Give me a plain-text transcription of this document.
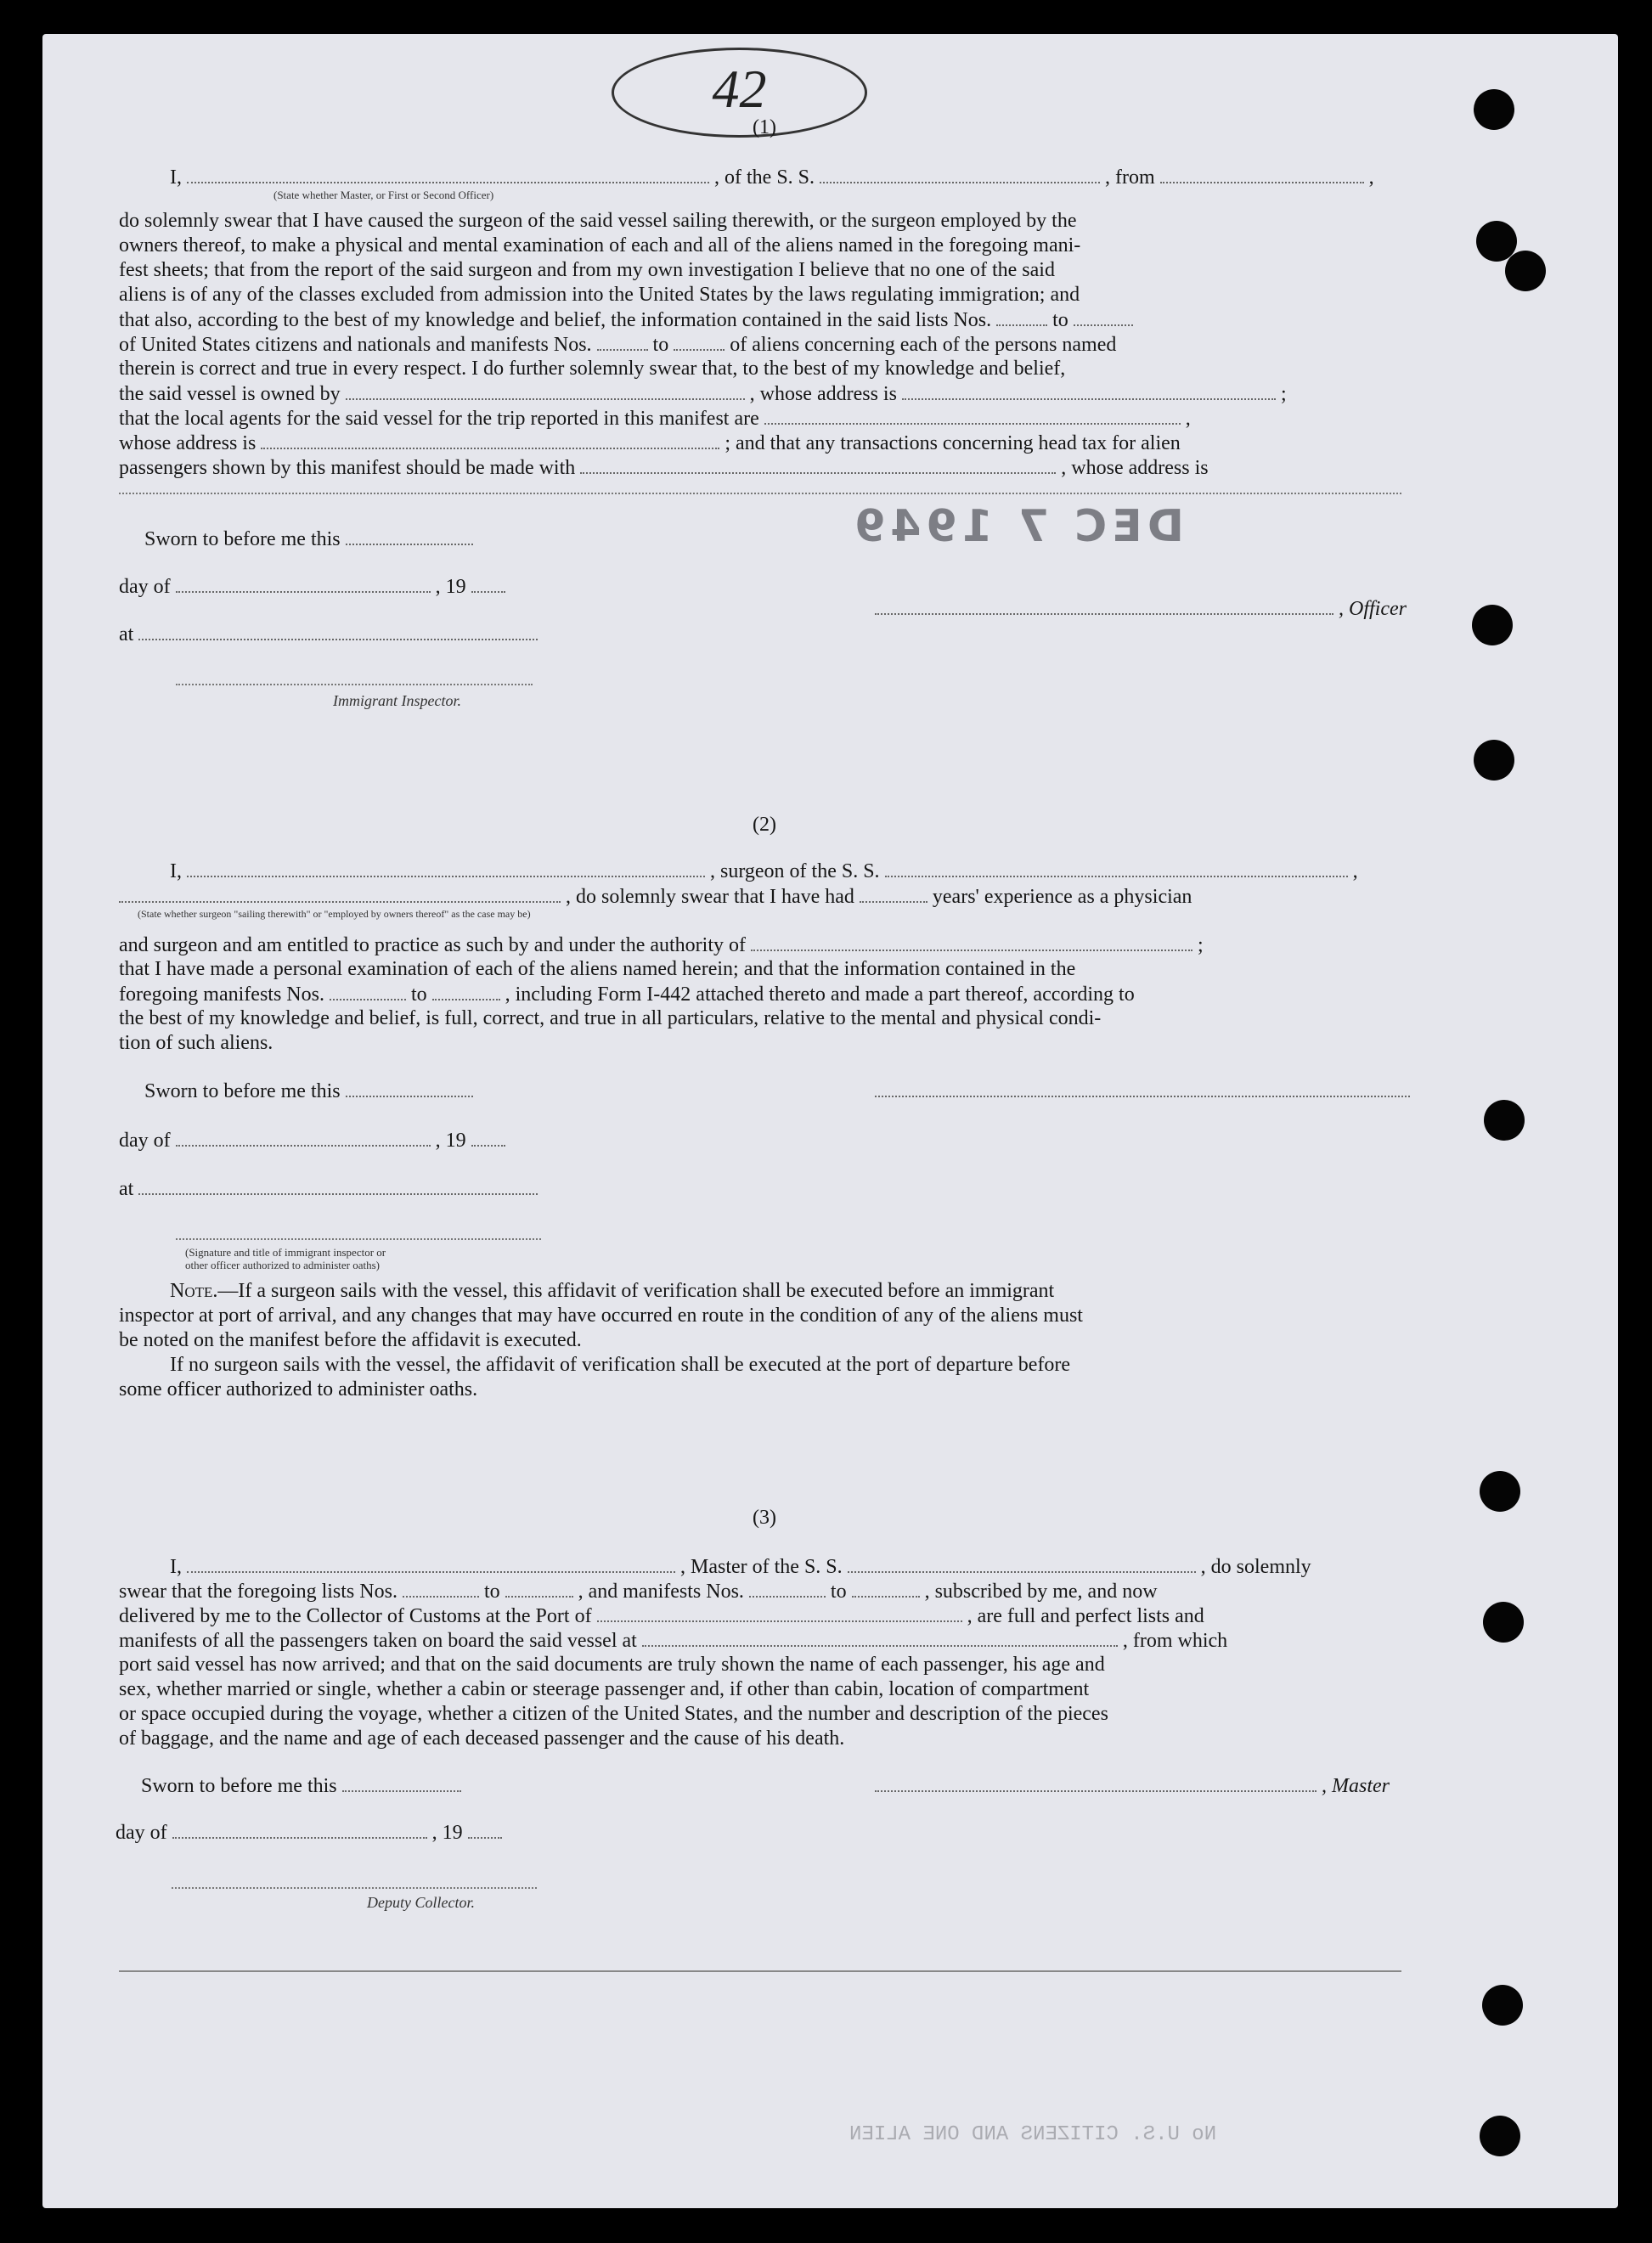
No U.S. CITIZENS AND ONE ALIEN
DEC 7 1949
42
(1)
I,	, of the S. S.	, from	,
(State whether Master, or First or Second Officer)
do solemnly swear that I have caused the surgeon of the said vessel sailing therewith, or the surgeon employed by the
owners thereof, to make a physical and mental examination of each and all of the aliens named in the foregoing mani-
fest sheets; that from the report of the said surgeon and from my own investigation I believe that no one of the said
aliens is of any of the classes excluded from admission into the United States by the laws regulating immigration; and
that also, according to the best of my knowledge and belief, the information contained in the said lists Nos.	to
of United States citizens and nationals and manifests Nos.	to	of aliens concerning each of the persons named
therein is correct and true in every respect. I do further solemnly swear that, to the best of my knowledge and belief,
the said vessel is owned by	, whose address is	;
that the local agents for the said vessel for the trip reported in this manifest are	,
whose address is	; and that any transactions concerning head tax for alien
passengers shown by this manifest should be made with	, whose address is
Sworn to before me this
day of	, 19
at
, Officer
Immigrant Inspector.
(2)
I,	, surgeon of the S. S.	,
, do solemnly swear that I have had	years' experience as a physician
(State whether surgeon "sailing therewith" or "employed by owners thereof" as the case may be)
and surgeon and am entitled to practice as such by and under the authority of	;
that I have made a personal examination of each of the aliens named herein; and that the information contained in the
foregoing manifests Nos.	to	, including Form I-442 attached thereto and made a part thereof, according to
the best of my knowledge and belief, is full, correct, and true in all particulars, relative to the mental and physical condi-
tion of such aliens.
Sworn to before me this
day of	, 19
at
(Signature and title of immigrant inspector or
other officer authorized to administer oaths)
Note.—If a surgeon sails with the vessel, this affidavit of verification shall be executed before an immigrant
inspector at port of arrival, and any changes that may have occurred en route in the condition of any of the aliens must
be noted on the manifest before the affidavit is executed.
If no surgeon sails with the vessel, the affidavit of verification shall be executed at the port of departure before
some officer authorized to administer oaths.
(3)
I,	, Master of the S. S.	, do solemnly
swear that the foregoing lists Nos.	to	, and manifests Nos.	to	, subscribed by me, and now
delivered by me to the Collector of Customs at the Port of	, are full and perfect lists and
manifests of all the passengers taken on board the said vessel at	, from which
port said vessel has now arrived; and that on the said documents are truly shown the name of each passenger, his age and
sex, whether married or single, whether a cabin or steerage passenger and, if other than cabin, location of compartment
or space occupied during the voyage, whether a citizen of the United States, and the number and description of the pieces
of baggage, and the name and age of each deceased passenger and the cause of his death.
Sworn to before me this	, Master
day of	, 19
Deputy Collector.
